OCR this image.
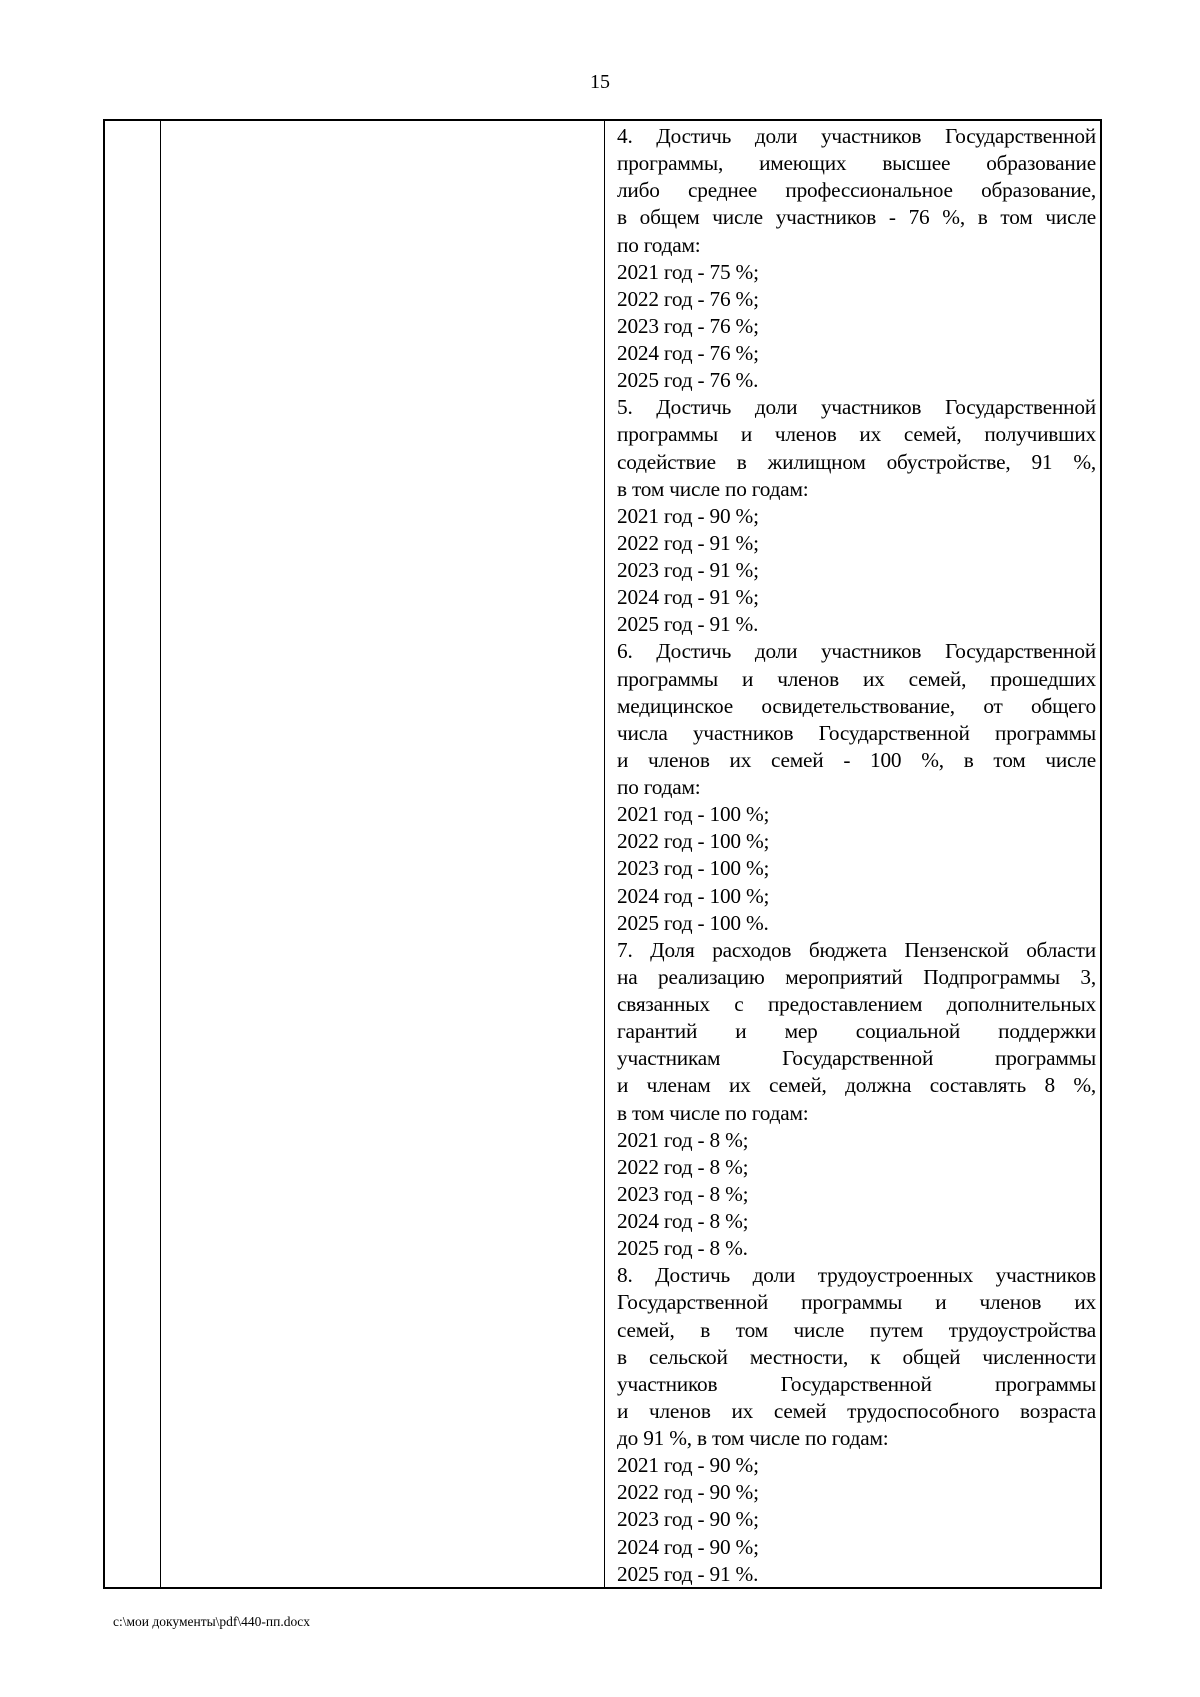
15
4. Достичь доли участников Государственной
программы, имеющих высшее образование
либо среднее профессиональное образование,
в общем числе участников - 76 %, в том числе
по годам:
2021 год - 75 %;
2022 год - 76 %;
2023 год - 76 %;
2024 год - 76 %;
2025 год - 76 %.
5. Достичь доли участников Государственной
программы и членов их семей, получивших
содействие в жилищном обустройстве, 91 %,
в том числе по годам:
2021 год - 90 %;
2022 год - 91 %;
2023 год - 91 %;
2024 год - 91 %;
2025 год - 91 %.
6. Достичь доли участников Государственной
программы и членов их семей, прошедших
медицинское освидетельствование, от общего
числа участников Государственной программы
и членов их семей - 100 %, в том числе
по годам:
2021 год - 100 %;
2022 год - 100 %;
2023 год - 100 %;
2024 год - 100 %;
2025 год - 100 %.
7. Доля расходов бюджета Пензенской области
на реализацию мероприятий Подпрограммы 3,
связанных с предоставлением дополнительных
гарантий и мер социальной поддержки
участникам Государственной программы
и членам их семей, должна составлять 8 %,
в том числе по годам:
2021 год - 8 %;
2022 год - 8 %;
2023 год - 8 %;
2024 год - 8 %;
2025 год - 8 %.
8. Достичь доли трудоустроенных участников
Государственной программы и членов их
семей, в том числе путем трудоустройства
в сельской местности, к общей численности
участников Государственной программы
и членов их семей трудоспособного возраста
до 91 %, в том числе по годам:
2021 год - 90 %;
2022 год - 90 %;
2023 год - 90 %;
2024 год - 90 %;
2025 год - 91 %.
c:\мои документы\pdf\440-пп.docx
